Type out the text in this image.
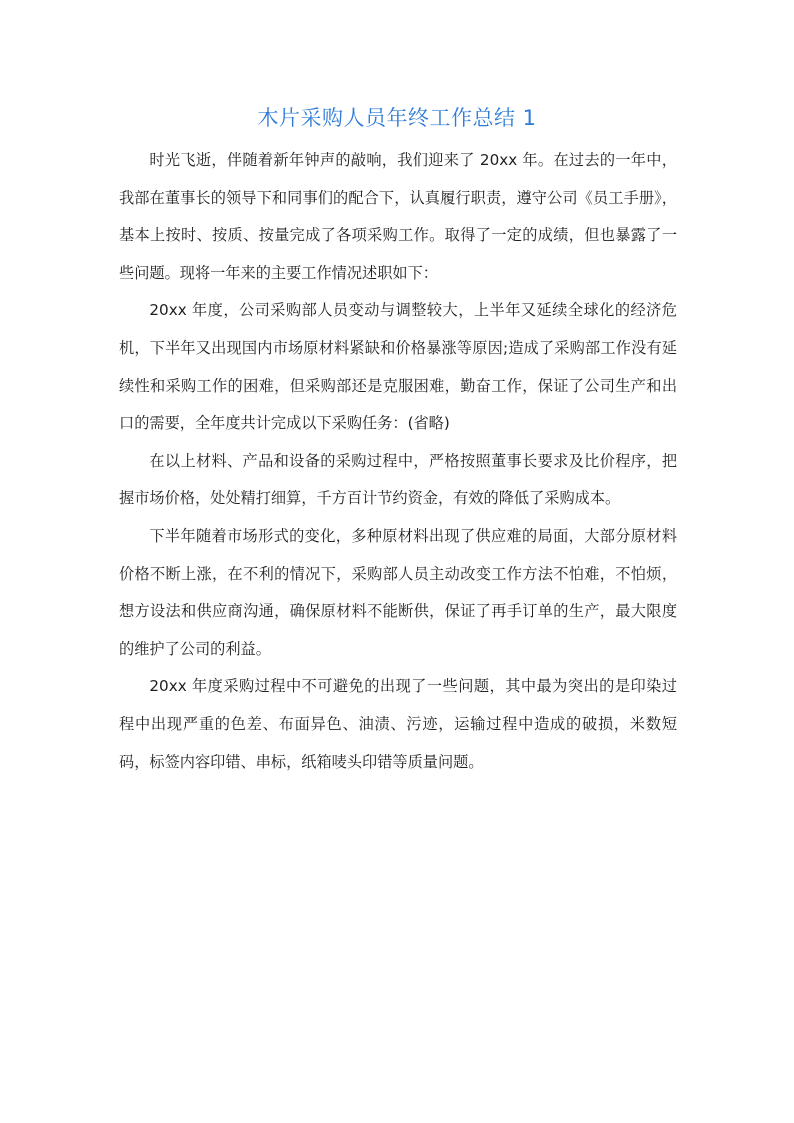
木片采购人员年终工作总结 1

时光飞逝，伴随着新年钟声的敲响，我们迎来了 20xx 年。在过去的一年中，我部在董事长的领导下和同事们的配合下，认真履行职责，遵守公司《员工手册》，基本上按时、按质、按量完成了各项采购工作。取得了一定的成绩，但也暴露了一些问题。现将一年来的主要工作情况述职如下：

20xx 年度，公司采购部人员变动与调整较大，上半年又延续全球化的经济危机，下半年又出现国内市场原材料紧缺和价格暴涨等原因;造成了采购部工作没有延续性和采购工作的困难，但采购部还是克服困难，勤奋工作，保证了公司生产和出口的需要，全年度共计完成以下采购任务：(省略)

在以上材料、产品和设备的采购过程中，严格按照董事长要求及比价程序，把握市场价格，处处精打细算，千方百计节约资金，有效的降低了采购成本。

下半年随着市场形式的变化，多种原材料出现了供应难的局面，大部分原材料价格不断上涨，在不利的情况下，采购部人员主动改变工作方法不怕难，不怕烦，想方设法和供应商沟通，确保原材料不能断供，保证了再手订单的生产，最大限度的维护了公司的利益。

20xx 年度采购过程中不可避免的出现了一些问题，其中最为突出的是印染过程中出现严重的色差、布面异色、油渍、污迹，运输过程中造成的破损，米数短码，标签内容印错、串标，纸箱唛头印错等质量问题。
